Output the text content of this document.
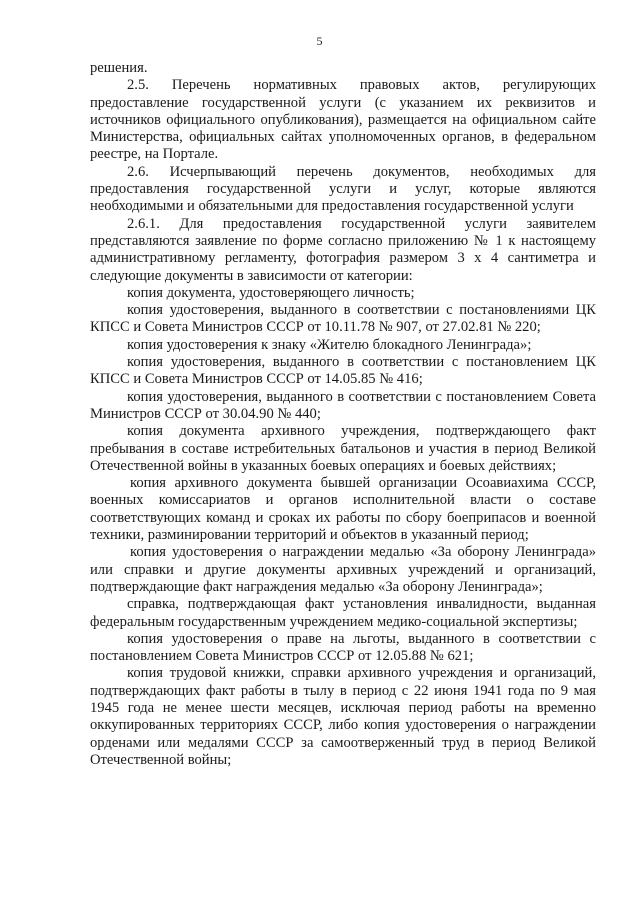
5

решения.

2.5. Перечень нормативных правовых актов, регулирующих предоставление государственной услуги (с указанием их реквизитов и источников официального опубликования), размещается на официальном сайте Министерства, официальных сайтах уполномоченных органов, в федеральном реестре, на Портале.

2.6. Исчерпывающий перечень документов, необходимых для предоставления государственной услуги и услуг, которые являются необходимыми и обязательными для предоставления государственной услуги

2.6.1. Для предоставления государственной услуги заявителем представляются заявление по форме согласно приложению № 1 к настоящему административному регламенту, фотография размером 3 х 4 сантиметра и следующие документы в зависимости от категории:

копия документа, удостоверяющего личность;

копия удостоверения, выданного в соответствии с постановлениями ЦК КПСС и Совета Министров СССР от 10.11.78 № 907, от 27.02.81 № 220;

копия удостоверения к знаку «Жителю блокадного Ленинграда»;

копия удостоверения, выданного в соответствии с постановлением ЦК КПСС и Совета Министров СССР от 14.05.85 № 416;

копия удостоверения, выданного в соответствии с постановлением Совета Министров СССР от 30.04.90 № 440;

копия документа архивного учреждения, подтверждающего факт пребывания в составе истребительных батальонов и участия в период Великой Отечественной войны в указанных боевых операциях и боевых действиях;

копия архивного документа бывшей организации Осоавиахима СССР, военных комиссариатов и органов исполнительной власти о составе соответствующих команд и сроках их работы по сбору боеприпасов и военной техники, разминировании территорий и объектов в указанный период;

копия удостоверения о награждении медалью «За оборону Ленинграда» или справки и другие документы архивных учреждений и организаций, подтверждающие факт награждения медалью «За оборону Ленинграда»;

справка, подтверждающая факт установления инвалидности, выданная федеральным государственным учреждением медико-социальной экспертизы;

копия удостоверения о праве на льготы, выданного в соответствии с постановлением Совета Министров СССР от 12.05.88 № 621;

копия трудовой книжки, справки архивного учреждения и организаций, подтверждающих факт работы в тылу в период с 22 июня 1941 года по 9 мая 1945 года не менее шести месяцев, исключая период работы на временно оккупированных территориях СССР, либо копия удостоверения о награждении орденами или медалями СССР за самоотверженный труд в период Великой Отечественной войны;
